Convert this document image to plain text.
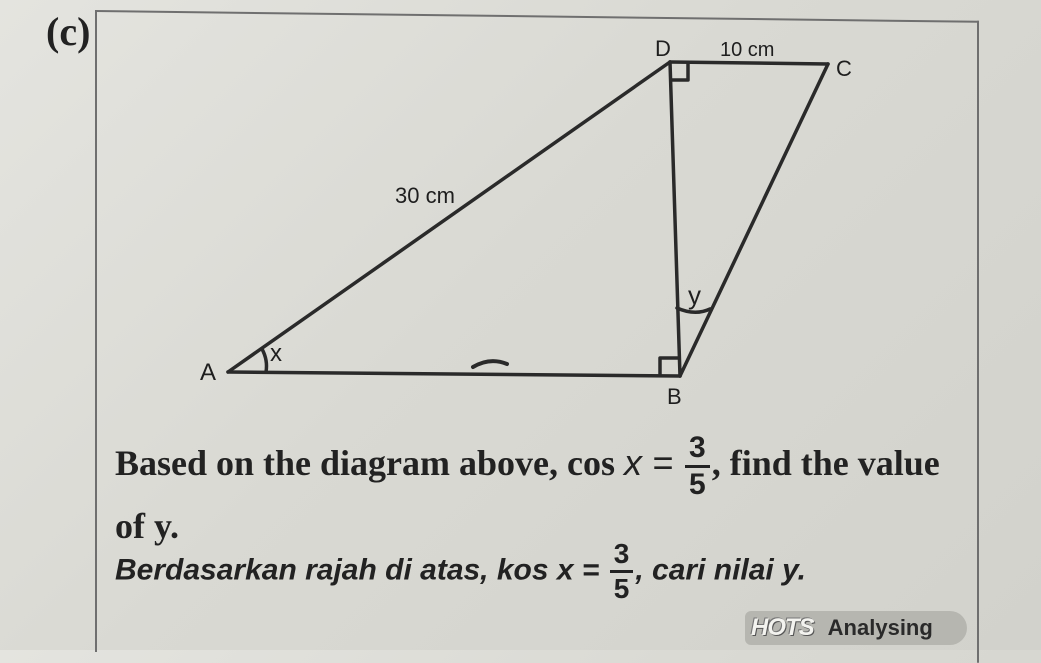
(c)
A
B
C
D
30 cm
10 cm
x
y
Based on the diagram above, $\cos x = \frac{3}{5}$ , find the value of y.
Berdasarkan rajah di atas, kos $x = \frac{3}{5}$ , cari nilai y.
HOTS Analysing
